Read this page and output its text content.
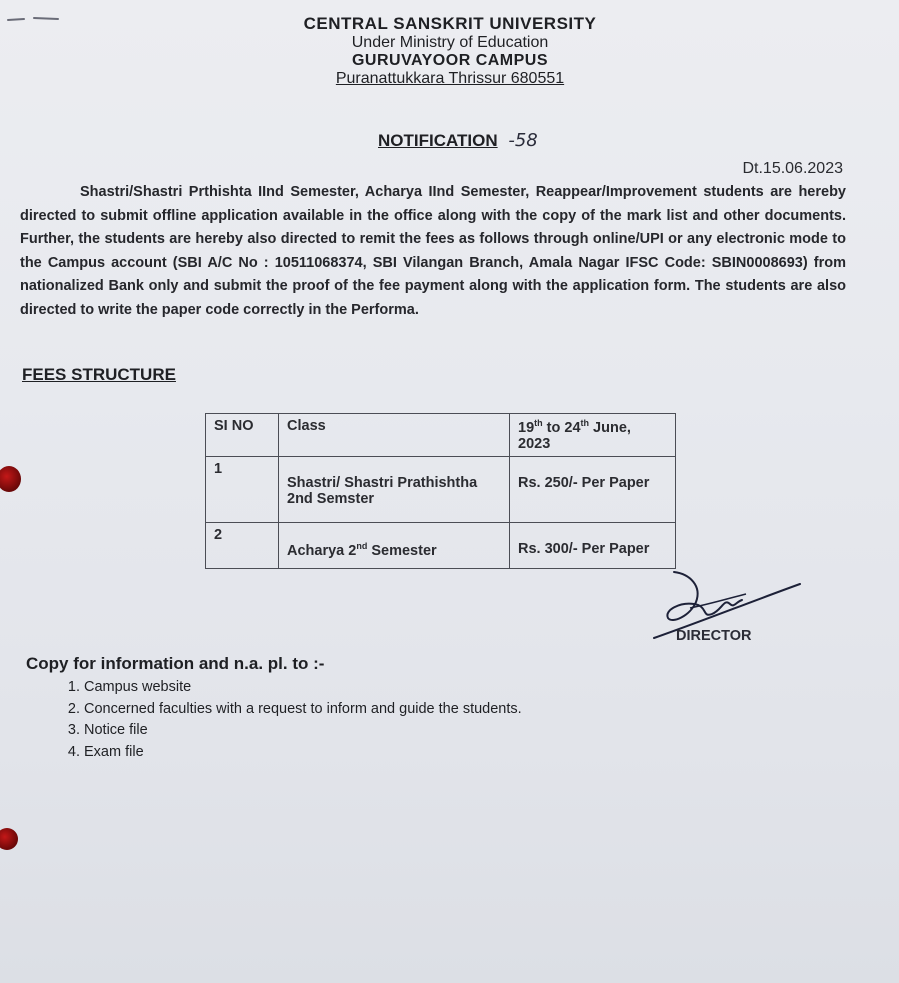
CENTRAL SANSKRIT UNIVERSITY
Under Ministry of Education
GURUVAYOOR CAMPUS
Puranattukkara Thrissur 680551
NOTIFICATION -58
Dt.15.06.2023
Shastri/Shastri Prthishta IInd Semester, Acharya IInd Semester, Reappear/Improvement students are hereby directed to submit offline application available in the office along with the copy of the mark list and other documents. Further, the students are hereby also directed to remit the fees as follows through online/UPI or any electronic mode to the Campus account (SBI A/C No : 10511068374, SBI Vilangan Branch, Amala Nagar IFSC Code: SBIN0008693) from nationalized Bank only and submit the proof of the fee payment along with the application form. The students are also directed to write the paper code correctly in the Performa.
FEES STRUCTURE
SI NO	Class	19th to 24th June, 2023
1	Shastri/ Shastri Prathishtha 2nd Semster	Rs. 250/- Per Paper
2	Acharya 2nd Semester	Rs. 300/- Per Paper
DIRECTOR
Copy for information and n.a. pl. to :-
1. Campus website
2. Concerned faculties with a request to inform and guide the students.
3. Notice file
4. Exam file
